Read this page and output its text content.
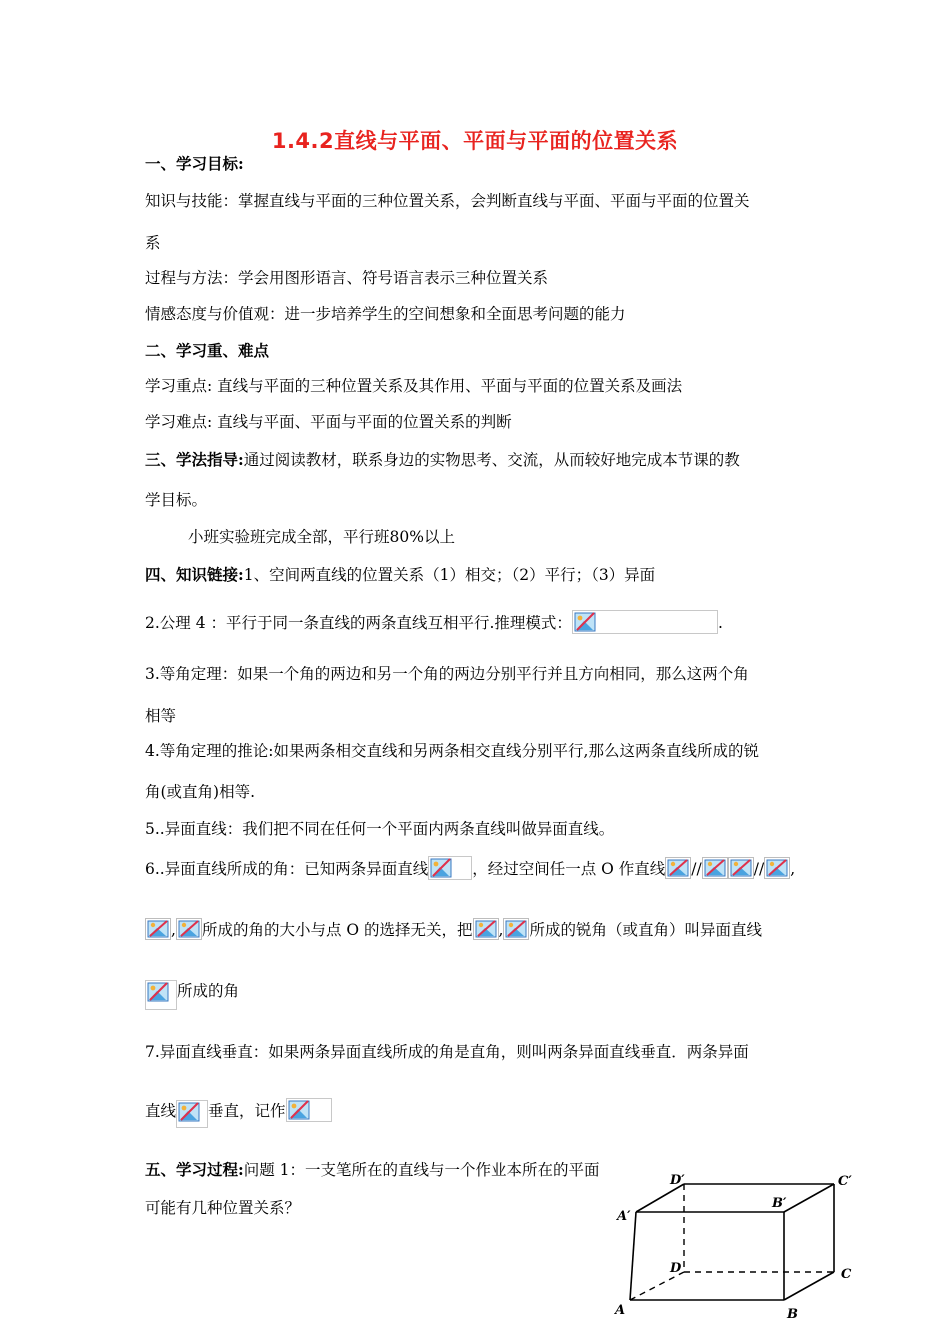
1.4.2直线与平面、平面与平面的位置关系
一、学习目标:
知识与技能：掌握直线与平面的三种位置关系，会判断直线与平面、平面与平面的位置关
系
过程与方法：学会用图形语言、符号语言表示三种位置关系
情感态度与价值观：进一步培养学生的空间想象和全面思考问题的能力
二、学习重、难点
学习重点: 直线与平面的三种位置关系及其作用、平面与平面的位置关系及画法
学习难点: 直线与平面、平面与平面的位置关系的判断
三、学法指导:通过阅读教材，联系身边的实物思考、交流，从而较好地完成本节课的教
学目标。
小班实验班完成全部，平行班80%以上
四、知识链接:1、空间两直线的位置关系（1）相交；（2）平行；（3）异面
2.公理 4 ：平行于同一条直线的两条直线互相平行.推理模式：	.
3.等角定理：如果一个角的两边和另一个角的两边分别平行并且方向相同，那么这两个角
相等
4.等角定理的推论:如果两条相交直线和另两条相交直线分别平行,那么这两条直线所成的锐
角(或直角)相等.
5..异面直线：我们把不同在任何一个平面内两条直线叫做异面直线。
6..异面直线所成的角：已知两条异面直线	，经过空间任一点 O 作直线 //	// ,
, 所成的角的大小与点 O 的选择无关，把 , 所成的锐角（或直角）叫异面直线
所成的角
7.异面直线垂直：如果两条异面直线所成的角是直角，则叫两条异面直线垂直．两条异面
直线 垂直，记作
五、学习过程:问题 1：一支笔所在的直线与一个作业本所在的平面
可能有几种位置关系？
A	B
C
D
A′
B′
C′
D′
